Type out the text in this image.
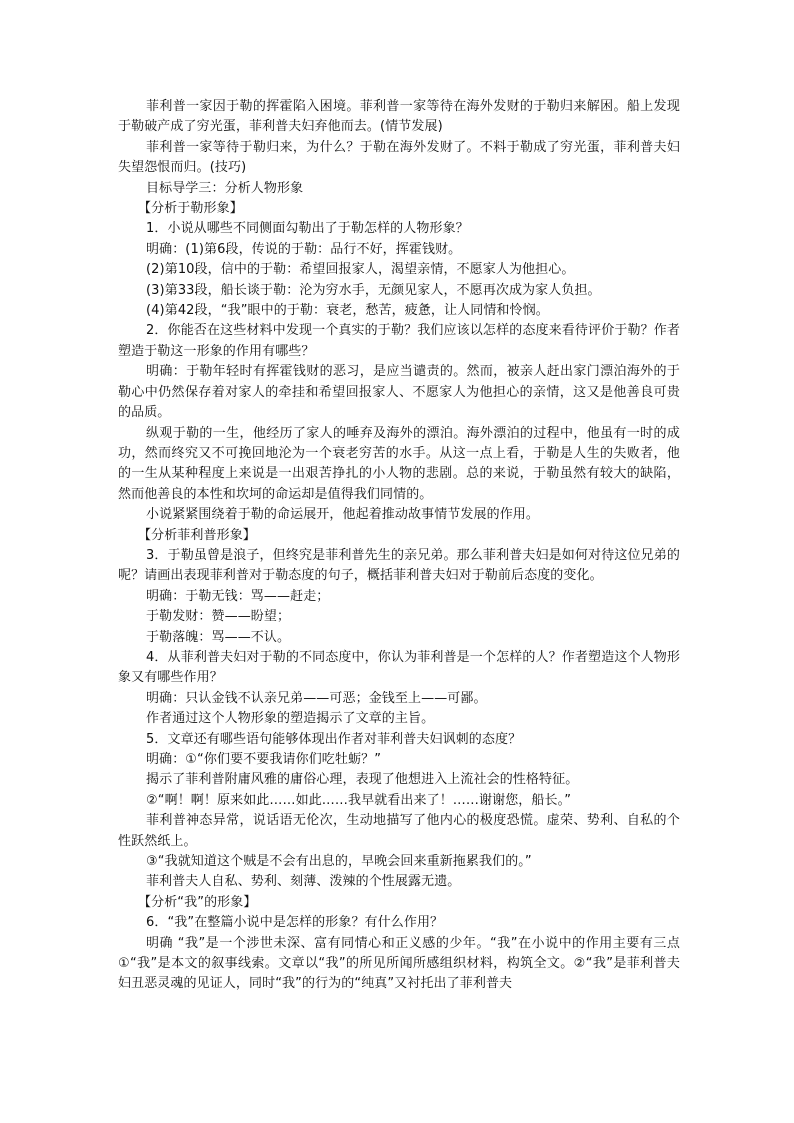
菲利普一家因于勒的挥霍陷入困境。菲利普一家等待在海外发财的于勒归来解困。船上发现于勒破产成了穷光蛋，菲利普夫妇弃他而去。(情节发展)

菲利普一家等待于勒归来，为什么？于勒在海外发财了。不料于勒成了穷光蛋，菲利普夫妇失望怨恨而归。(技巧)

目标导学三：分析人物形象

【分析于勒形象】

1．小说从哪些不同侧面勾勒出了于勒怎样的人物形象？

明确：(1)第6段，传说的于勒：品行不好，挥霍钱财。

(2)第10段，信中的于勒：希望回报家人，渴望亲情，不愿家人为他担心。

(3)第33段，船长谈于勒：沦为穷水手，无颜见家人，不愿再次成为家人负担。

(4)第42段，“我”眼中的于勒：衰老，愁苦，疲惫，让人同情和怜悯。

2．你能否在这些材料中发现一个真实的于勒？我们应该以怎样的态度来看待评价于勒？作者塑造于勒这一形象的作用有哪些？

明确：于勒年轻时有挥霍钱财的恶习，是应当谴责的。然而，被亲人赶出家门漂泊海外的于勒心中仍然保存着对家人的牵挂和希望回报家人、不愿家人为他担心的亲情，这又是他善良可贵的品质。

纵观于勒的一生，他经历了家人的唾弃及海外的漂泊。海外漂泊的过程中，他虽有一时的成功，然而终究又不可挽回地沦为一个衰老穷苦的水手。从这一点上看，于勒是人生的失败者，他的一生从某种程度上来说是一出艰苦挣扎的小人物的悲剧。总的来说，于勒虽然有较大的缺陷，然而他善良的本性和坎坷的命运却是值得我们同情的。

小说紧紧围绕着于勒的命运展开，他起着推动故事情节发展的作用。

【分析菲利普形象】

3．于勒虽曾是浪子，但终究是菲利普先生的亲兄弟。那么菲利普夫妇是如何对待这位兄弟的呢？请画出表现菲利普对于勒态度的句子，概括菲利普夫妇对于勒前后态度的变化。

明确：于勒无钱：骂——赶走；

于勒发财：赞——盼望；

于勒落魄：骂——不认。

4．从菲利普夫妇对于勒的不同态度中，你认为菲利普是一个怎样的人？作者塑造这个人物形象又有哪些作用？

明确：只认金钱不认亲兄弟——可恶；金钱至上——可鄙。

作者通过这个人物形象的塑造揭示了文章的主旨。

5．文章还有哪些语句能够体现出作者对菲利普夫妇讽刺的态度？

明确：①“你们要不要我请你们吃牡蛎？”

揭示了菲利普附庸风雅的庸俗心理，表现了他想进入上流社会的性格特征。

②“啊！啊！原来如此……如此……我早就看出来了！……谢谢您，船长。”

菲利普神态异常，说话语无伦次，生动地描写了他内心的极度恐慌。虚荣、势利、自私的个性跃然纸上。

③“我就知道这个贼是不会有出息的，早晚会回来重新拖累我们的。”

菲利普夫人自私、势利、刻薄、泼辣的个性展露无遗。

【分析“我”的形象】

6．“我”在整篇小说中是怎样的形象？有什么作用？

明确 “我”是一个涉世未深、富有同情心和正义感的少年。“我”在小说中的作用主要有三点 ①“我”是本文的叙事线索。文章以“我”的所见所闻所感组织材料，构筑全文。②“我”是菲利普夫妇丑恶灵魂的见证人，同时“我”的行为的“纯真”又衬托出了菲利普夫
